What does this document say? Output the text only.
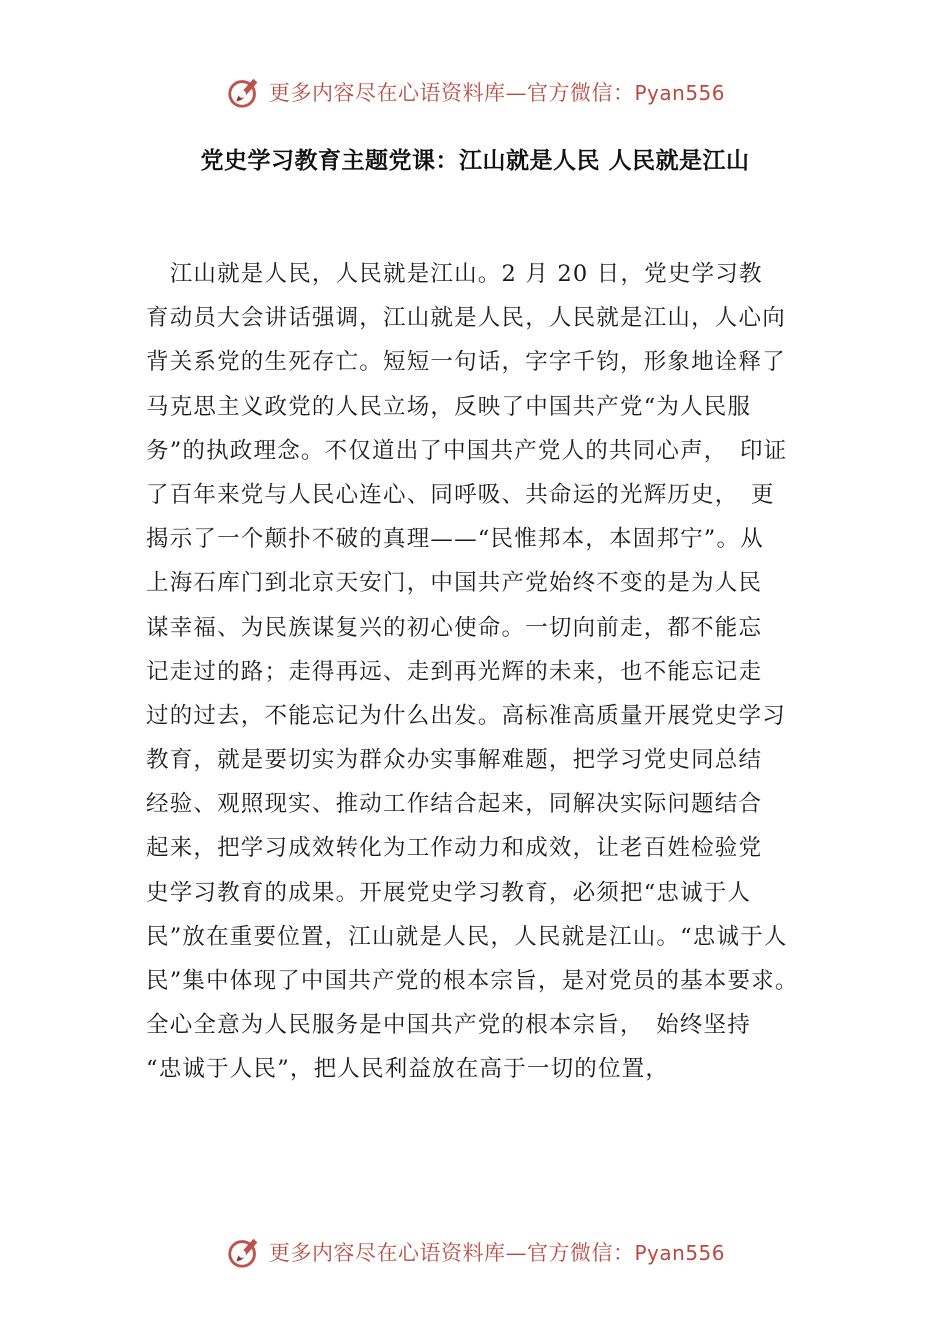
更多内容尽在心语资料库—官方微信：Pyan556
党史学习教育主题党课：江山就是人民 人民就是江山
　江山就是人民，人民就是江山。2 月 20 日，党史学习教
育动员大会讲话强调，江山就是人民，人民就是江山，人心向
背关系党的生死存亡。短短一句话，字字千钧，形象地诠释了
马克思主义政党的人民立场，反映了中国共产党“为人民服
务”的执政理念。不仅道出了中国共产党人的共同心声，　印证
了百年来党与人民心连心、同呼吸、共命运的光辉历史，　更
揭示了一个颠扑不破的真理——“民惟邦本，本固邦宁”。从
上海石库门到北京天安门，中国共产党始终不变的是为人民
谋幸福、为民族谋复兴的初心使命。一切向前走，都不能忘
记走过的路；走得再远、走到再光辉的未来，也不能忘记走
过的过去，不能忘记为什么出发。高标准高质量开展党史学习
教育，就是要切实为群众办实事解难题，把学习党史同总结
经验、观照现实、推动工作结合起来，同解决实际问题结合
起来，把学习成效转化为工作动力和成效，让老百姓检验党
史学习教育的成果。开展党史学习教育，必须把“忠诚于人
民”放在重要位置，江山就是人民，人民就是江山。“忠诚于人
民”集中体现了中国共产党的根本宗旨，是对党员的基本要求。
全心全意为人民服务是中国共产党的根本宗旨，　始终坚持
“忠诚于人民”，把人民利益放在高于一切的位置，
更多内容尽在心语资料库—官方微信：Pyan556
